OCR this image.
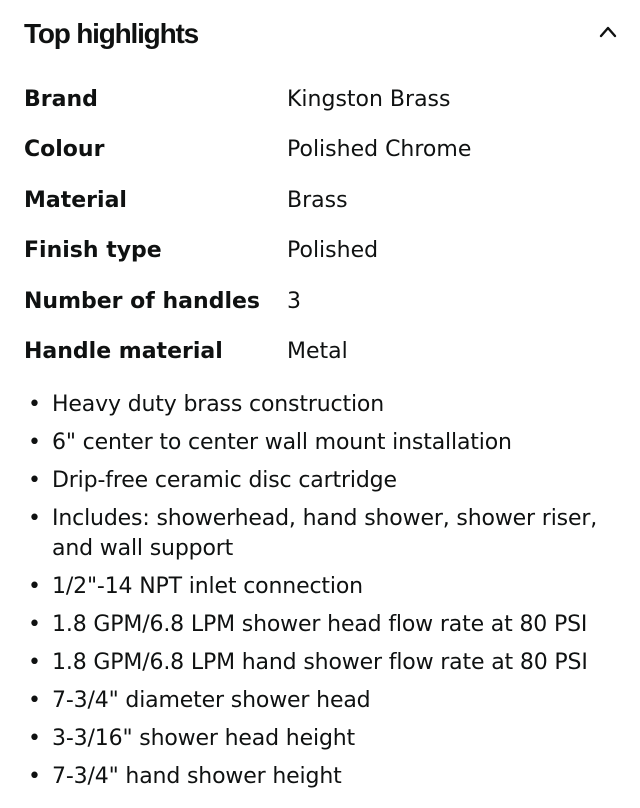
Top highlights
Brand	Kingston Brass
Colour	Polished Chrome
Material	Brass
Finish type	Polished
Number of handles 3
Handle material	Metal
• Heavy duty brass construction
• 6" center to center wall mount installation
• Drip-free ceramic disc cartridge
• Includes: showerhead, hand shower, shower riser, and wall support
• 1/2"-14 NPT inlet connection
• 1.8 GPM/6.8 LPM shower head flow rate at 80 PSI
• 1.8 GPM/6.8 LPM hand shower flow rate at 80 PSI
• 7-3/4" diameter shower head
• 3-3/16" shower head height
• 7-3/4" hand shower height
